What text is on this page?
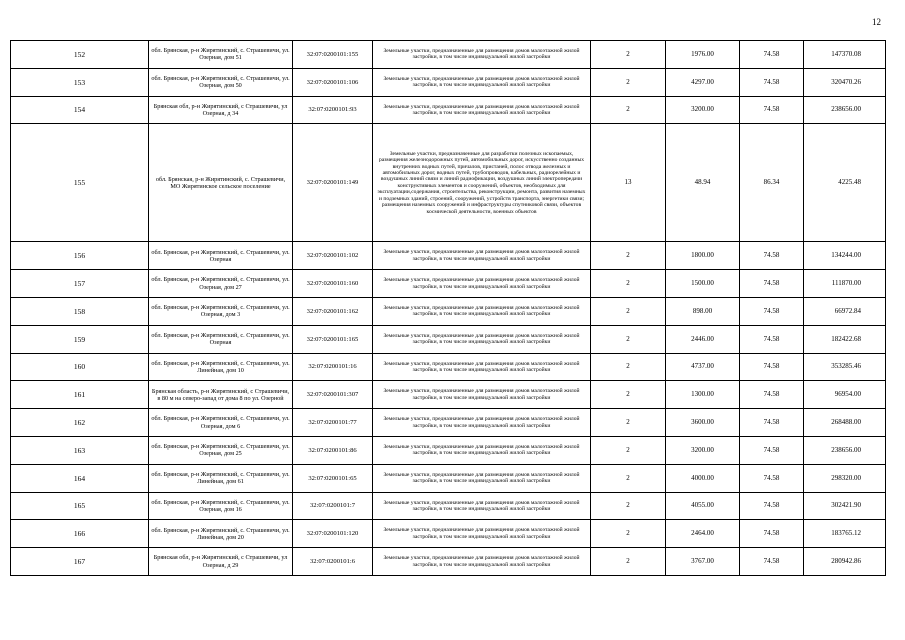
12
152	обл. Брянская, р-н Жирятинский, с. Страшевичи, ул. Озерная, дом 51	32:07:0200101:155	Земельные участки, предназначенные для размещения домов малоэтажной жилой застройки, в том числе индивидуальной жилой застройки	2	1976.00	74.58	147370.08
153	обл. Брянская, р-н Жирятинский, с. Страшевичи, ул. Озерная, дом 50	32:07:0200101:106	Земельные участки, предназначенные для размещения домов малоэтажной жилой застройки, в том числе индивидуальной жилой застройки	2	4297.00	74.58	320470.26
154	Брянская обл, р-н Жирятинский, с Страшевичи, ул Озерная, д 34	32:07:0200101:93	Земельные участки, предназначенные для размещения домов малоэтажной жилой застройки, в том числе индивидуальной жилой застройки	2	3200.00	74.58	238656.00
155	обл. Брянская, р-н Жирятинский, с. Страшевичи, МО Жирятинское сельское поселение	32:07:0200101:149	Земельные участки, предназначенные для разработки полезных ископаемых, размещения железнодорожных путей, автомобильных дорог, искусственно созданных внутренних водных путей, причалов, пристаней, полос отвода железных и автомобильных дорог, водных путей, трубопроводов, кабельных, радиорелейных и воздушных линий связи и линий радиофикации, воздушных линий электропередачи конструктивных элементов и сооружений, объектов, необходимых для эксплуатации,содержания, строительства, реконструкции, ремонта, развития наземных и подземных зданий, строений, сооружений, устройств транспорта, энергетики связи; размещения наземных сооружений и инфраструктуры спутниковой связи, объектов космической деятельности, военных объектов	13	48.94	86.34	4225.48
156	обл. Брянская, р-н Жирятинский, с. Страшевичи, ул. Озерная	32:07:0200101:102	Земельные участки, предназначенные для размещения домов малоэтажной жилой застройки, в том числе индивидуальной жилой застройки	2	1800.00	74.58	134244.00
157	обл. Брянская, р-н Жирятинский, с. Страшевичи, ул. Озерная, дом 27	32:07:0200101:160	Земельные участки, предназначенные для размещения домов малоэтажной жилой застройки, в том числе индивидуальной жилой застройки	2	1500.00	74.58	111870.00
158	обл. Брянская, р-н Жирятинский, с. Страшевичи, ул. Озерная, дом 3	32:07:0200101:162	Земельные участки, предназначенные для размещения домов малоэтажной жилой застройки, в том числе индивидуальной жилой застройки	2	898.00	74.58	66972.84
159	обл. Брянская, р-н Жирятинский, с. Страшевичи, ул. Озерная	32:07:0200101:165	Земельные участки, предназначенные для размещения домов малоэтажной жилой застройки, в том числе индивидуальной жилой застройки	2	2446.00	74.58	182422.68
160	обл. Брянская, р-н Жирятинский, с. Страшевичи, ул. Линейная, дом 10	32:07:0200101:16	Земельные участки, предназначенные для размещения домов малоэтажной жилой застройки, в том числе индивидуальной жилой застройки	2	4737.00	74.58	353285.46
161	Брянская область, р-н Жирятинский, с Страшевичи, в 80 м на северо-запад от дома 8 по ул. Озерной	32:07:0200101:307	Земельные участки, предназначенные для размещения домов малоэтажной жилой застройки, в том числе индивидуальной жилой застройки	2	1300.00	74.58	96954.00
162	обл. Брянская, р-н Жирятинский, с. Страшевичи, ул. Озерная, дом 6	32:07:0200101:77	Земельные участки, предназначенные для размещения домов малоэтажной жилой застройки, в том числе индивидуальной жилой застройки	2	3600.00	74.58	268488.00
163	обл. Брянская, р-н Жирятинский, с. Страшевичи, ул. Озерная, дом 25	32:07:0200101:86	Земельные участки, предназначенные для размещения домов малоэтажной жилой застройки, в том числе индивидуальной жилой застройки	2	3200.00	74.58	238656.00
164	обл. Брянская, р-н Жирятинский, с. Страшевичи, ул. Линейная, дом 61	32:07:0200101:65	Земельные участки, предназначенные для размещения домов малоэтажной жилой застройки, в том числе индивидуальной жилой застройки	2	4000.00	74.58	298320.00
165	обл. Брянская, р-н Жирятинский, с. Страшевичи, ул. Озерная, дом 16	32:07:0200101:7	Земельные участки, предназначенные для размещения домов малоэтажной жилой застройки, в том числе индивидуальной жилой застройки	2	4055.00	74.58	302421.90
166	обл. Брянская, р-н Жирятинский, с. Страшевичи, ул. Линейная, дом 20	32:07:0200101:120	Земельные участки, предназначенные для размещения домов малоэтажной жилой застройки, в том числе индивидуальной жилой застройки	2	2464.00	74.58	183765.12
167	Брянская обл, р-н Жирятинский, с Страшевичи, ул Озерная, д 29	32:07:0200101:6	Земельные участки, предназначенные для размещения домов малоэтажной жилой застройки, в том числе индивидуальной жилой застройки	2	3767.00	74.58	280942.86
